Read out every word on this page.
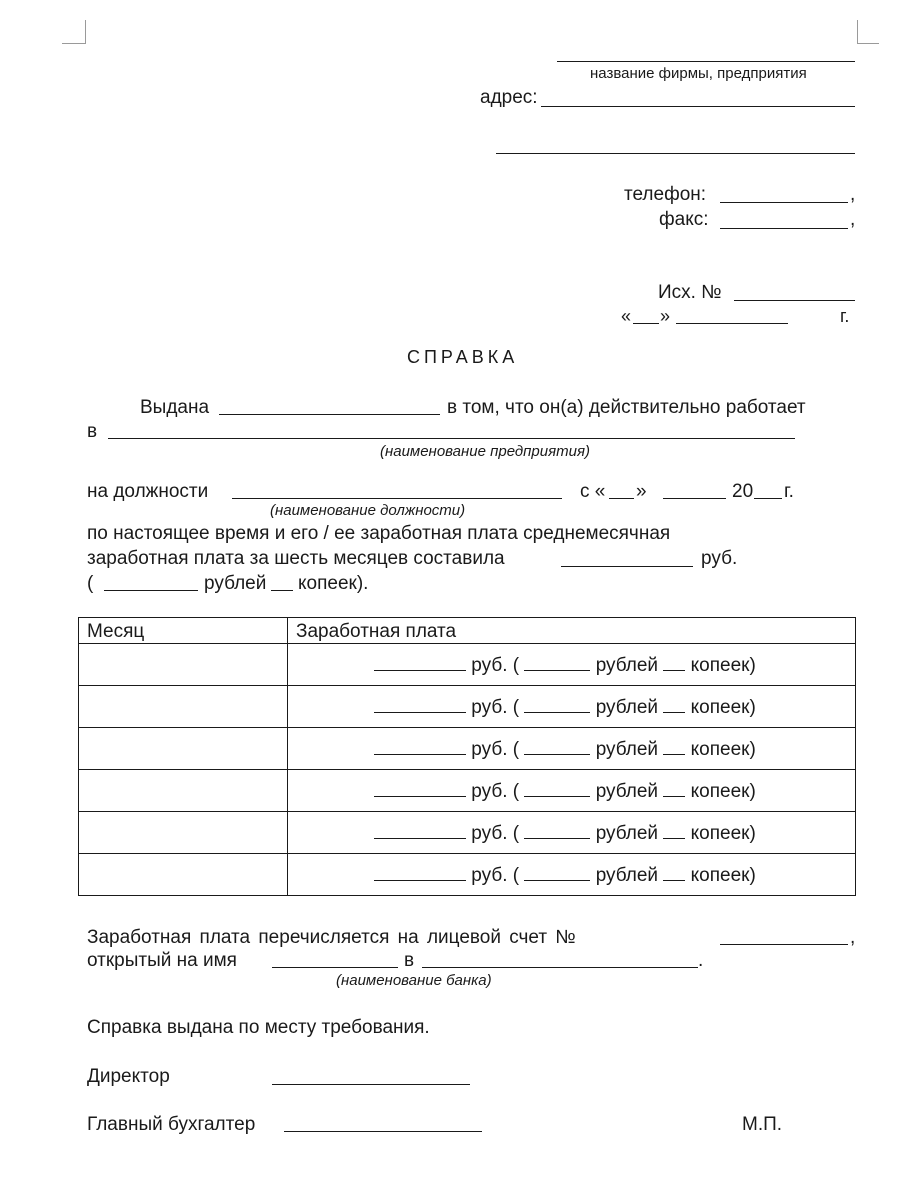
название фирмы, предприятия
адрес:
телефон:	,
факс:	,
Исх. №
« »	г.
СПРАВКА
Выдана	в том, что он(а) действительно работает
в
(наименование предприятия)
на должности	с « »	20 г.
(наименование должности)
по настоящее время и его / ее заработная плата среднемесячная
заработная плата за шесть месяцев составила	руб.
(	рублей копеек).
Месяц	Заработная плата
	руб. ( рублей копеек)
	руб. ( рублей копеек)
	руб. ( рублей копеек)
	руб. ( рублей копеек)
	руб. ( рублей копеек)
	руб. ( рублей копеек)
Заработная плата перечисляется на лицевой счет №	,
открытый на имя	в	.
(наименование банка)
Справка выдана по месту требования.
Директор
Главный бухгалтер	М.П.
